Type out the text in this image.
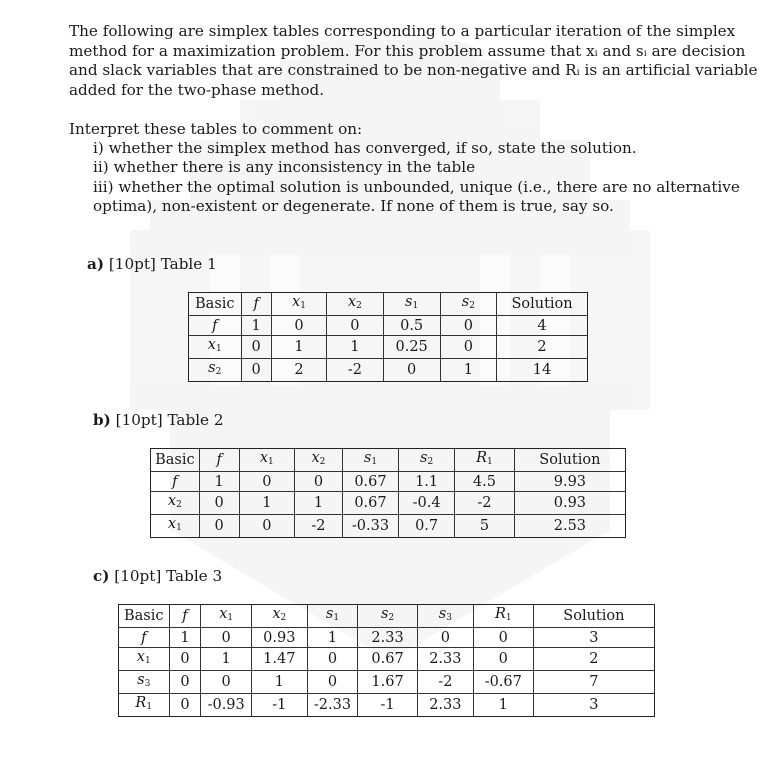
The following are simplex tables corresponding to a particular iteration of the simplex
method for a maximization problem. For this problem assume that xᵢ and sᵢ are decision
and slack variables that are constrained to be non-negative and Rᵢ is an artificial variable
added for the two-phase method.

Interpret these tables to comment on:

i) whether the simplex method has converged, if so, state the solution.

ii) whether there is any inconsistency in the table

iii) whether the optimal solution is unbounded, unique (i.e., there are no alternative

optima), non-existent or degenerate. If none of them is true, say so.

a) [10pt] Table 1
Basic	f	$x_1$	$x_2$	$s_1$	$s_2$	Solution
f	1	0	0	0.5	0	4
$x_1$	0	1	1	0.25	0	2
$s_2$	0	2	-2	0	1	14
b) [10pt] Table 2
Basic	f	$x_1$	$x_2$	$s_1$	$s_2$	$R_1$	Solution
f	1	0	0	0.67	1.1	4.5	9.93
$x_2$	0	1	1	0.67	-0.4	-2	0.93
$x_1$	0	0	-2	-0.33	0.7	5	2.53
c) [10pt] Table 3
Basic	f	$x_1$	$x_2$	$s_1$	$s_2$	$s_3$	$R_1$	Solution
f	1	0	0.93	1	2.33	0	0	3
$x_1$	0	1	1.47	0	0.67	2.33	0	2
$s_3$	0	0	1	0	1.67	-2	-0.67	7
$R_1$	0	-0.93	-1	-2.33	-1	2.33	1	3
